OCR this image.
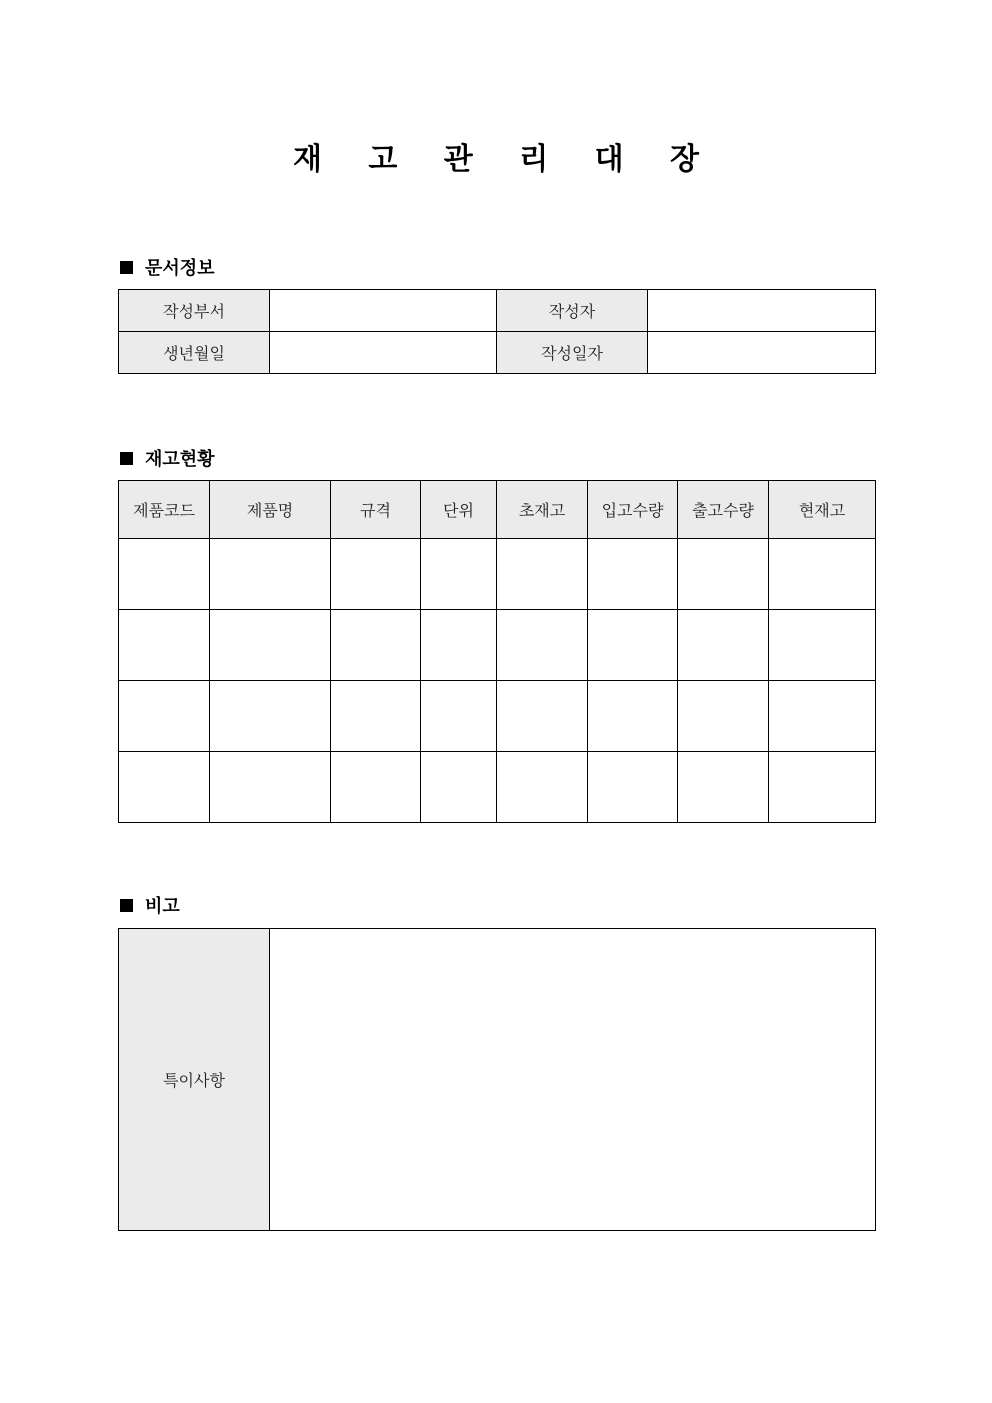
재 고 관 리 대 장
문서정보
작성부서		작성자	
생년월일		작성일자	
재고현황
제품코드	제품명	규격	단위	초재고	입고수량	출고수량	현재고

비고
특이사항	
